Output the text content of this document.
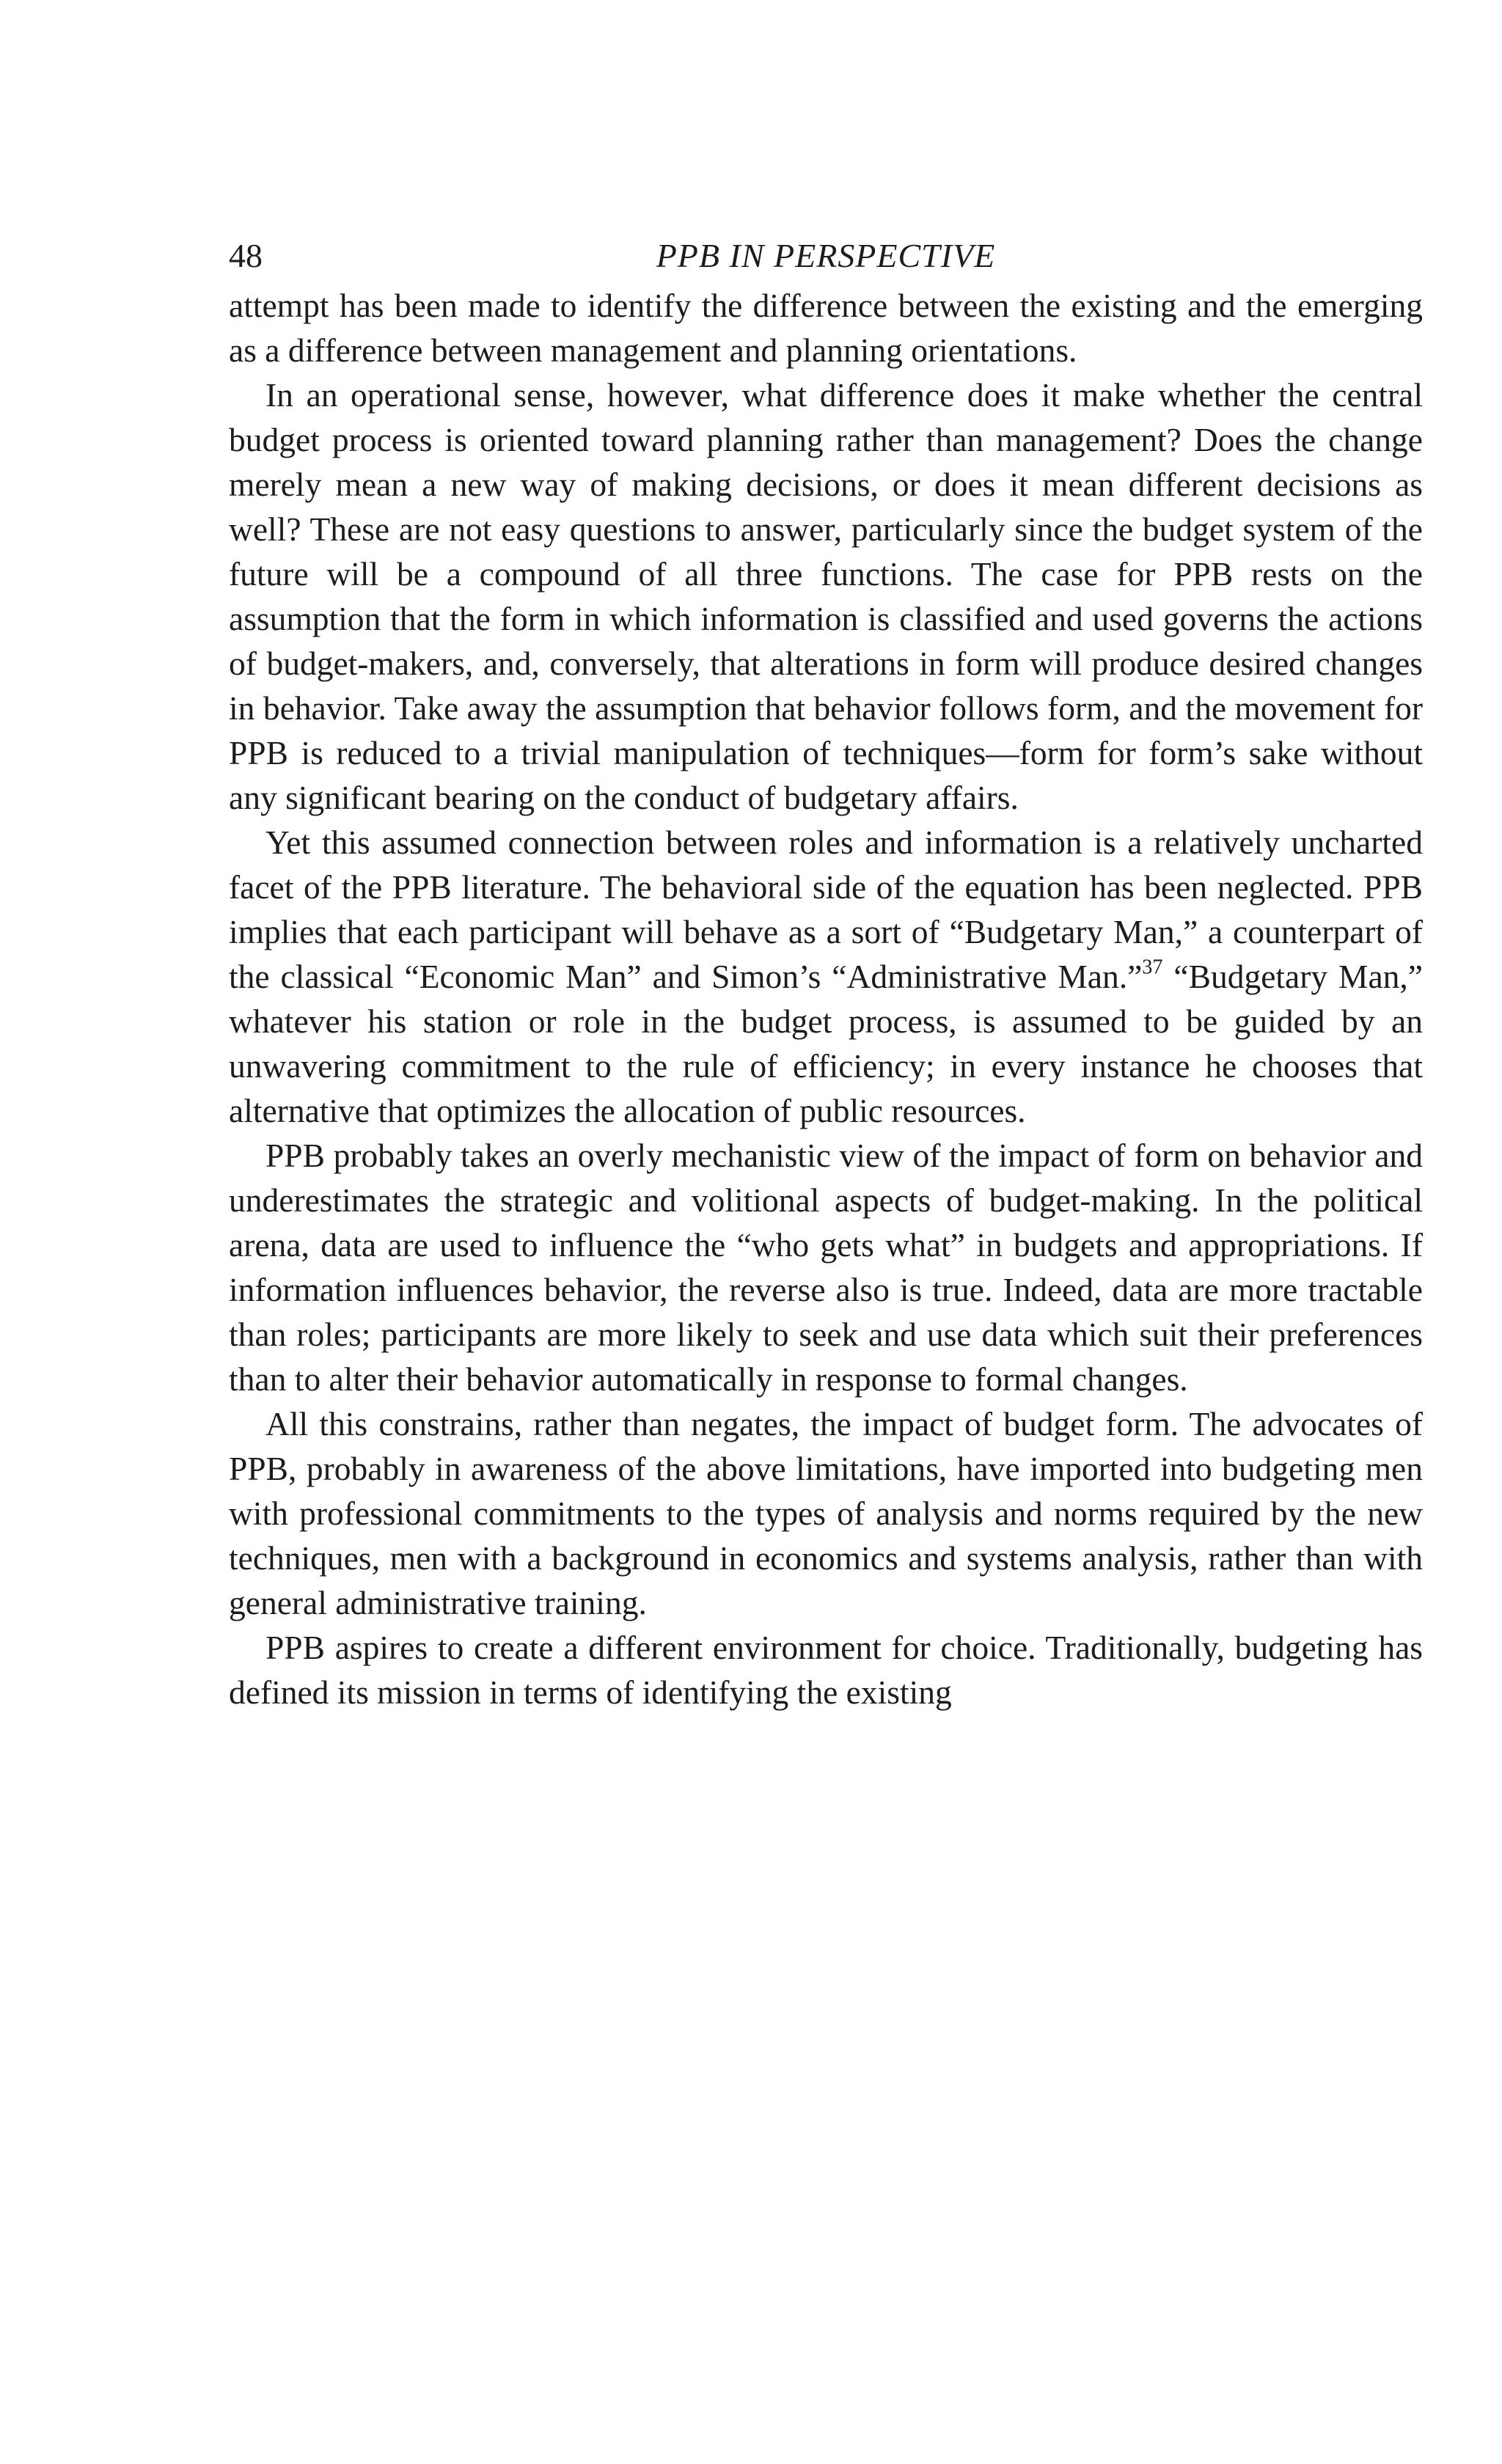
48	PPB IN PERSPECTIVE

attempt has been made to identify the difference between the existing and the emerging as a difference between management and planning orientations.

In an operational sense, however, what difference does it make whether the central budget process is oriented toward planning rather than management? Does the change merely mean a new way of making decisions, or does it mean different decisions as well? These are not easy questions to answer, particularly since the budget system of the future will be a compound of all three functions. The case for PPB rests on the assumption that the form in which information is classified and used governs the actions of budget-makers, and, conversely, that alterations in form will produce desired changes in behavior. Take away the assumption that behavior follows form, and the movement for PPB is reduced to a trivial manipulation of techniques—form for form’s sake without any significant bearing on the conduct of budgetary affairs.

Yet this assumed connection between roles and information is a relatively uncharted facet of the PPB literature. The behavioral side of the equation has been neglected. PPB implies that each participant will behave as a sort of “Budgetary Man,” a counterpart of the classical “Economic Man” and Simon’s “Administrative Man.”$^{37}$ “Budgetary Man,” whatever his station or role in the budget process, is assumed to be guided by an unwavering commitment to the rule of efficiency; in every instance he chooses that alternative that optimizes the allocation of public resources.

PPB probably takes an overly mechanistic view of the impact of form on behavior and underestimates the strategic and volitional aspects of budget-making. In the political arena, data are used to influence the “who gets what” in budgets and appropriations. If information influences behavior, the reverse also is true. Indeed, data are more tractable than roles; participants are more likely to seek and use data which suit their preferences than to alter their behavior automatically in response to formal changes.

All this constrains, rather than negates, the impact of budget form. The advocates of PPB, probably in awareness of the above limitations, have imported into budgeting men with professional commitments to the types of analysis and norms required by the new techniques, men with a background in economics and systems analysis, rather than with general administrative training.

PPB aspires to create a different environment for choice. Traditionally, budgeting has defined its mission in terms of identifying the existing
